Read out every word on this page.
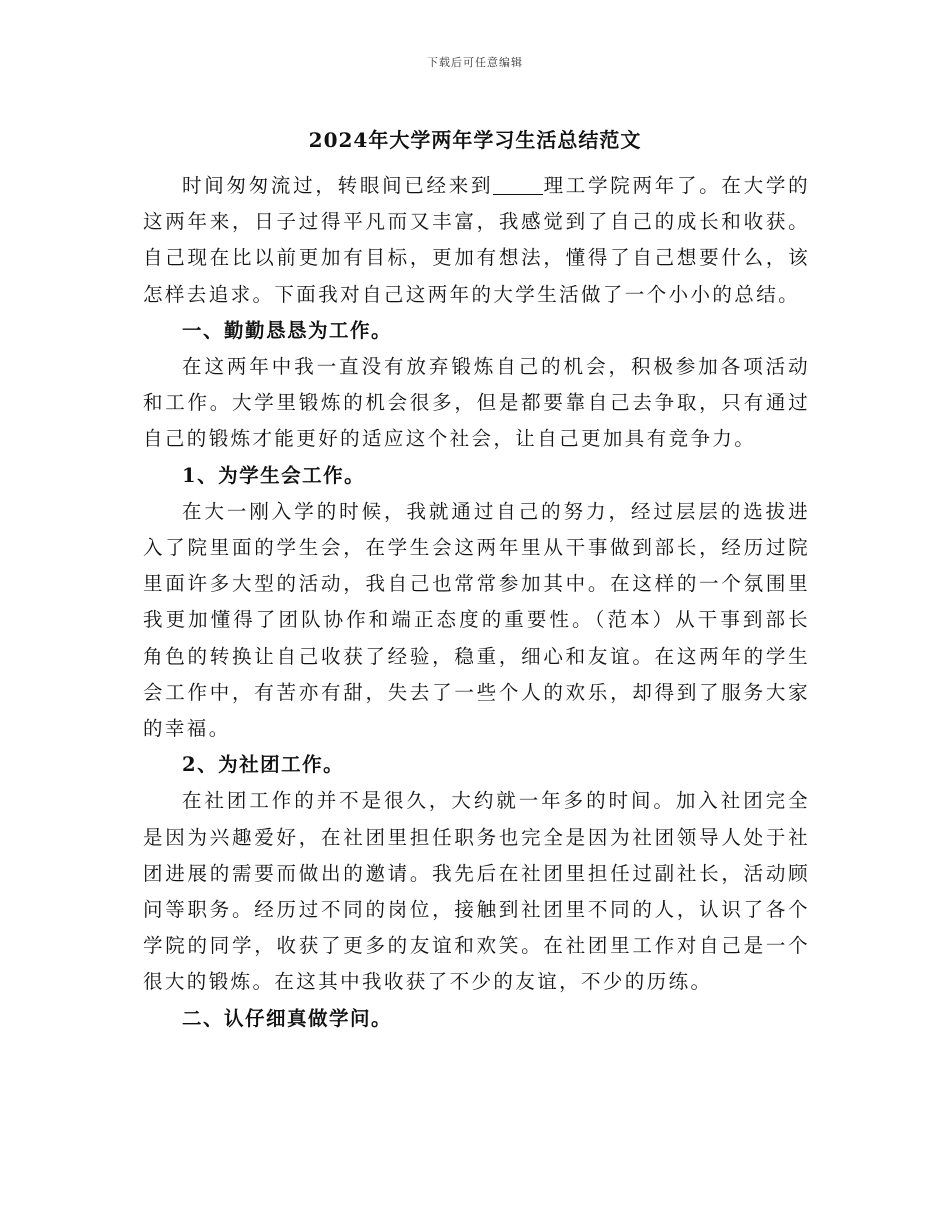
下载后可任意编辑
2024年大学两年学习生活总结范文

时间匆匆流过，转眼间已经来到	理工学院两年了。在大学的这两年来，日子过得平凡而又丰富，我感觉到了自己的成长和收获。自己现在比以前更加有目标，更加有想法，懂得了自己想要什么，该怎样去追求。下面我对自己这两年的大学生活做了一个小小的总结。

一、勤勤恳恳为工作。

在这两年中我一直没有放弃锻炼自己的机会，积极参加各项活动和工作。大学里锻炼的机会很多，但是都要靠自己去争取，只有通过自己的锻炼才能更好的适应这个社会，让自己更加具有竞争力。

1、为学生会工作。

在大一刚入学的时候，我就通过自己的努力，经过层层的选拔进入了院里面的学生会，在学生会这两年里从干事做到部长，经历过院里面许多大型的活动，我自己也常常参加其中。在这样的一个氛围里我更加懂得了团队协作和端正态度的重要性。（范本）从干事到部长角色的转换让自己收获了经验，稳重，细心和友谊。在这两年的学生会工作中，有苦亦有甜，失去了一些个人的欢乐，却得到了服务大家的幸福。

2、为社团工作。

在社团工作的并不是很久，大约就一年多的时间。加入社团完全是因为兴趣爱好，在社团里担任职务也完全是因为社团领导人处于社团进展的需要而做出的邀请。我先后在社团里担任过副社长，活动顾问等职务。经历过不同的岗位，接触到社团里不同的人，认识了各个学院的同学，收获了更多的友谊和欢笑。在社团里工作对自己是一个很大的锻炼。在这其中我收获了不少的友谊，不少的历练。

二、认仔细真做学问。
